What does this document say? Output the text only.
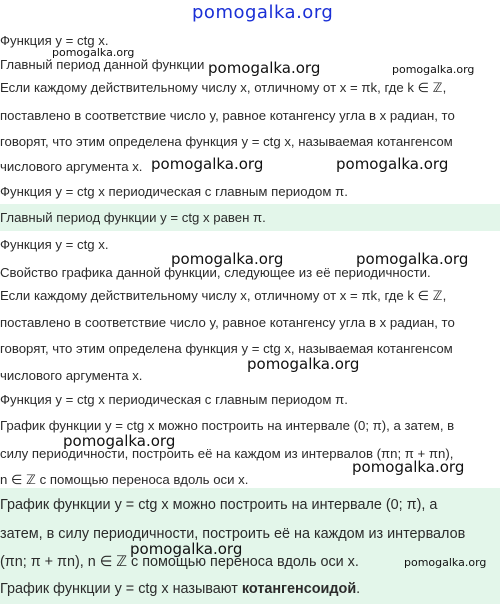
pomogalka.org
Функция y = ctg x.
Главный период данной функции
Если каждому действительному числу x, отличному от x = πk, где k ∈ ℤ,
поставлено в соответствие число y, равное котангенсу угла в x радиан, то
говорят, что этим определена функция y = ctg x, называемая котангенсом
числового аргумента x.
Функция y = ctg x периодическая с главным периодом π.
Главный период функции y = ctg x равен π.
Функция y = ctg x.
Свойство графика данной функции, следующее из её периодичности.
Если каждому действительному числу x, отличному от x = πk, где k ∈ ℤ,
поставлено в соответствие число y, равное котангенсу угла в x радиан, то
говорят, что этим определена функция y = ctg x, называемая котангенсом
числового аргумента x.
Функция y = ctg x периодическая с главным периодом π.
График функции y = ctg x можно построить на интервале (0; π), а затем, в
силу периодичности, построить её на каждом из интервалов (πn; π + πn),
n ∈ ℤ с помощью переноса вдоль оси x.
График функции y = ctg x можно построить на интервале (0; π), а
затем, в силу периодичности, построить её на каждом из интервалов
(πn; π + πn), n ∈ ℤ с помощью переноса вдоль оси x.
График функции y = ctg x называют котангенсоидой.
pomogalka.org
pomogalka.org	pomogalka.org
pomogalka.org	pomogalka.org
pomogalka.org	pomogalka.org
pomogalka.org
pomogalka.org
pomogalka.org
pomogalka.org
pomogalka.org
